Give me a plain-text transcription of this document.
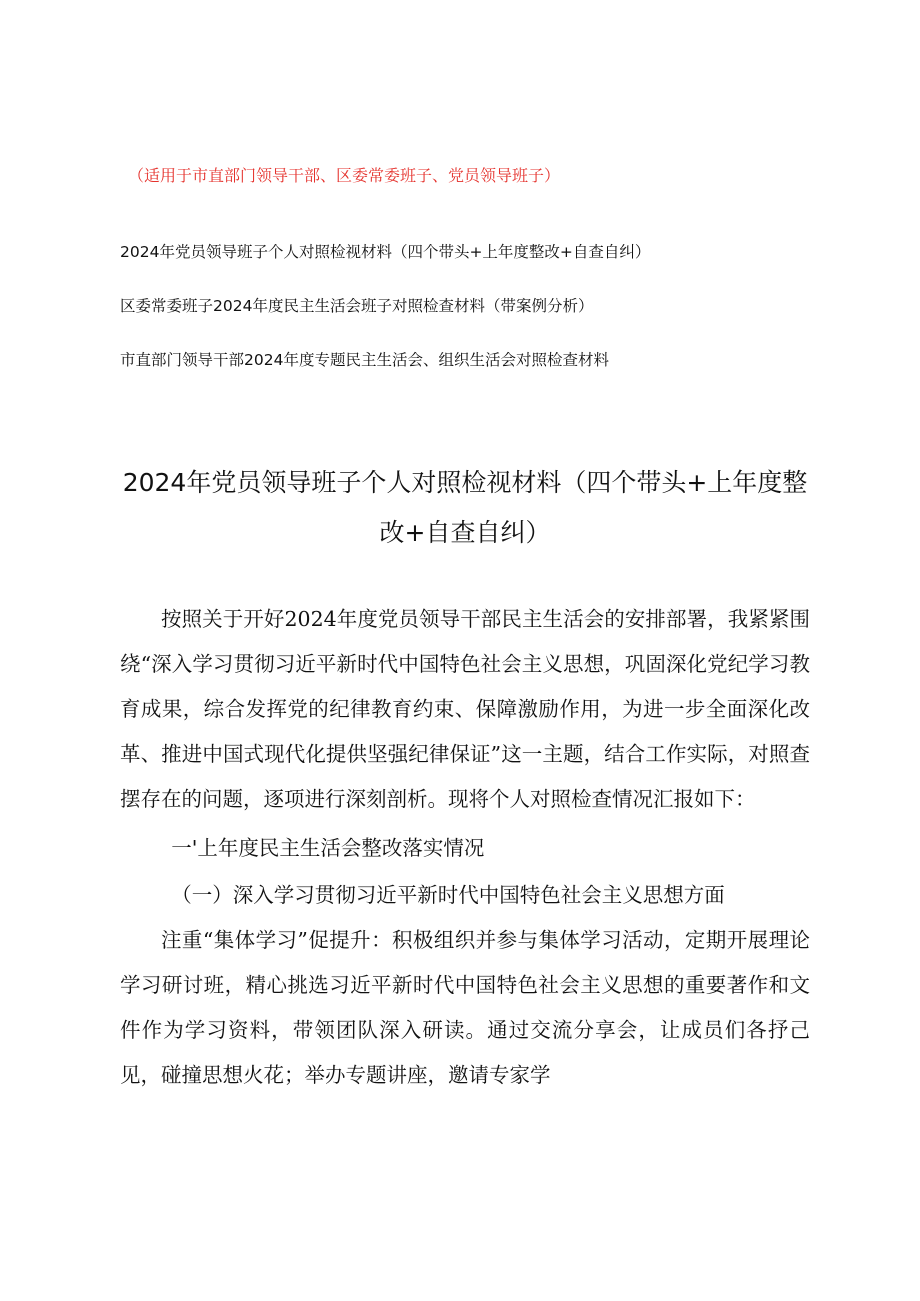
（适用于市直部门领导干部、区委常委班子、党员领导班子）
2024年党员领导班子个人对照检视材料（四个带头+上年度整改+自查自纠）
区委常委班子2024年度民主生活会班子对照检查材料（带案例分析）
市直部门领导干部2024年度专题民主生活会、组织生活会对照检查材料
2024年党员领导班子个人对照检视材料（四个带头+上年度整改+自查自纠）

按照关于开好2024年度党员领导干部民主生活会的安排部署，我紧紧围绕“深入学习贯彻习近平新时代中国特色社会主义思想，巩固深化党纪学习教育成果，综合发挥党的纪律教育约束、保障激励作用，为进一步全面深化改革、推进中国式现代化提供坚强纪律保证”这一主题，结合工作实际，对照查摆存在的问题，逐项进行深刻剖析。现将个人对照检查情况汇报如下：

一'上年度民主生活会整改落实情况

（一）深入学习贯彻习近平新时代中国特色社会主义思想方面

注重“集体学习”促提升：积极组织并参与集体学习活动，定期开展理论学习研讨班，精心挑选习近平新时代中国特色社会主义思想的重要著作和文件作为学习资料，带领团队深入研读。通过交流分享会，让成员们各抒己见，碰撞思想火花；举办专题讲座，邀请专家学
